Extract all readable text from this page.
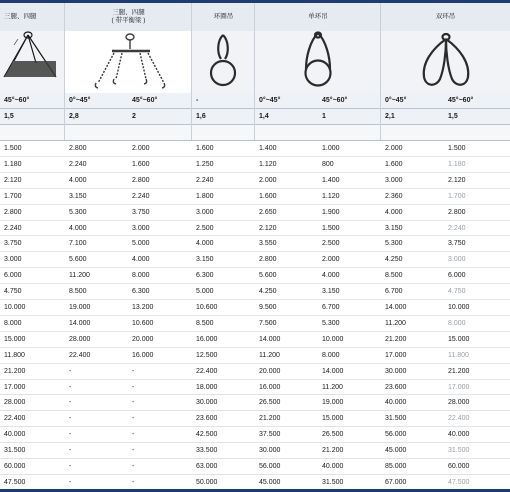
三腿、四腿
三腿、四腿
( 带平衡梁 )
环圈吊	单环吊	双环吊
45°~60°	0°~45°	45°~60°	-	0°~45°	45°~60°	0°~45°	45°~60°
1,5	2,8	2	1,6	1,4	1	2,1	1,5
1.500	2.800	2.000	1.600	1.400	1.000	2.000	1.500
1.180	2.240	1.600	1.250	1.120	800	1.600	1.180
2.120	4.000	2.800	2.240	2.000	1.400	3.000	2.120
1.700	3.150	2.240	1.800	1.600	1.120	2.360	1.700
2.800	5.300	3.750	3.000	2.650	1.900	4.000	2.800
2.240	4.000	3.000	2.500	2.120	1.500	3.150	2.240
3.750	7.100	5.000	4.000	3.550	2.500	5.300	3.750
3.000	5.600	4.000	3.150	2.800	2.000	4.250	3.000
6.000	11.200	8.000	6.300	5.600	4.000	8.500	6.000
4.750	8.500	6.300	5.000	4.250	3.150	6.700	4.750
10.000	19.000	13.200	10.600	9.500	6.700	14.000	10.000
8.000	14.000	10.600	8.500	7.500	5.300	11.200	8.000
15.000	28.000	20.000	16.000	14.000	10.000	21.200	15.000
11.800	22.400	16.000	12.500	11.200	8.000	17.000	11.800
21.200	-	-	22.400	20.000	14.000	30.000	21.200
17.000	-	-	18.000	16.000	11.200	23.600	17.000
28.000	-	-	30.000	26.500	19.000	40.000	28.000
22.400	-	-	23.600	21.200	15.000	31.500	22.400
40.000	-	-	42.500	37.500	26.500	56.000	40.000
31.500	-	-	33.500	30.000	21.200	45.000	31.500
60.000	-	-	63.000	56.000	40.000	85.000	60.000
47.500	-	-	50.000	45.000	31.500	67.000	47.500
